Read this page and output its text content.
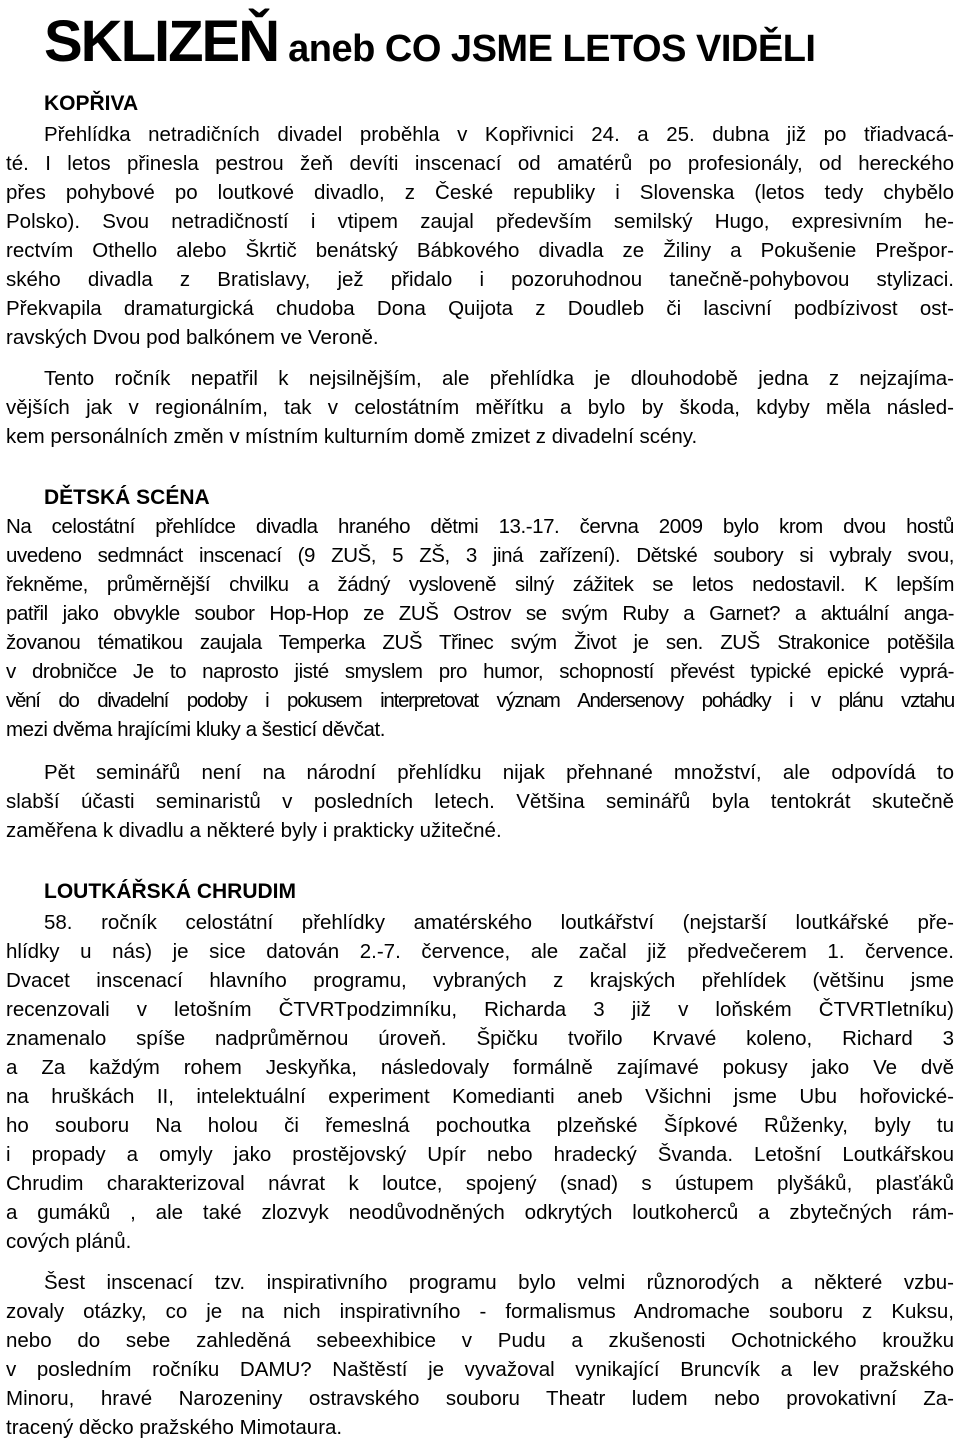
SKLIZEŇ aneb CO JSME LETOS VIDĚLI
KOPŘIVA

Přehlídka netradičních divadel proběhla v Kopřivnici 24. a 25. dubna již po třiadvacá-
té. I letos přinesla pestrou žeň devíti inscenací od amatérů po profesionály, od hereckého
přes pohybové po loutkové divadlo, z České republiky i Slovenska (letos tedy chybělo
Polsko). Svou netradičností i vtipem zaujal především semilský Hugo, expresivním he-
rectvím Othello alebo Škrtič benátský Bábkového divadla ze Žiliny a Pokušenie Prešpor-
ského divadla z Bratislavy, jež přidalo i pozoruhodnou tanečně-pohybovou stylizaci.
Překvapila dramaturgická chudoba Dona Quijota z Doudleb či lascivní podbízivost ost-
ravských Dvou pod balkónem ve Veroně.

Tento ročník nepatřil k nejsilnějším, ale přehlídka je dlouhodobě jedna z nejzajíma-
vějších jak v regionálním, tak v celostátním měřítku a bylo by škoda, kdyby měla násled-
kem personálních změn v místním kulturním domě zmizet z divadelní scény.

DĚTSKÁ SCÉNA

Na celostátní přehlídce divadla hraného dětmi 13.-17. června 2009 bylo krom dvou hostů
uvedeno sedmnáct inscenací (9 ZUŠ, 5 ZŠ, 3 jiná zařízení). Dětské soubory si vybraly svou,
řekněme, průměrnější chvilku a žádný vysloveně silný zážitek se letos nedostavil. K lepším
patřil jako obvykle soubor Hop-Hop ze ZUŠ Ostrov se svým Ruby a Garnet? a aktuální anga-
žovanou tématikou zaujala Temperka ZUŠ Třinec svým Život je sen. ZUŠ Strakonice potěšila
v drobničce Je to naprosto jisté smyslem pro humor, schopností převést typické epické vyprá-
vění do divadelní podoby i pokusem interpretovat význam Andersenovy pohádky i v plánu vztahu
mezi dvěma hrajícími kluky a šesticí děvčat.

Pět seminářů není na národní přehlídku nijak přehnané množství, ale odpovídá to
slabší účasti seminaristů v posledních letech. Většina seminářů byla tentokrát skutečně
zaměřena k divadlu a některé byly i prakticky užitečné.

LOUTKÁŘSKÁ CHRUDIM

58. ročník celostátní přehlídky amatérského loutkářství (nejstarší loutkářské pře-
hlídky u nás) je sice datován 2.-7. července, ale začal již předvečerem 1. července.
Dvacet inscenací hlavního programu, vybraných z krajských přehlídek (většinu jsme
recenzovali v letošním ČTVRTpodzimníku, Richarda 3 již v loňském ČTVRTletníku)
znamenalo spíše nadprůměrnou úroveň. Špičku tvořilo Krvavé koleno, Richard 3
a Za každým rohem Jeskyňka, následovaly formálně zajímavé pokusy jako Ve dvě
na hruškách II, intelektuální experiment Komedianti aneb Všichni jsme Ubu hořovické-
ho souboru Na holou či řemeslná pochoutka plzeňské Šípkové Růženky, byly tu
i propady a omyly jako prostějovský Upír nebo hradecký Švanda. Letošní Loutkářskou
Chrudim charakterizoval návrat k loutce, spojený (snad) s ústupem plyšáků, plasťáků
a gumáků , ale také zlozvyk neodůvodněných odkrytých loutkoherců a zbytečných rám-
cových plánů.

Šest inscenací tzv. inspirativního programu bylo velmi různorodých a některé vzbu-
zovaly otázky, co je na nich inspirativního - formalismus Andromache souboru z Kuksu,
nebo do sebe zahleděná sebeexhibice v Pudu a zkušenosti Ochotnického kroužku
v posledním ročníku DAMU? Naštěstí je vyvažoval vynikající Bruncvík a lev pražského
Minoru, hravé Narozeniny ostravského souboru Theatr ludem nebo provokativní Za-
tracený děcko pražského Mimotaura.
